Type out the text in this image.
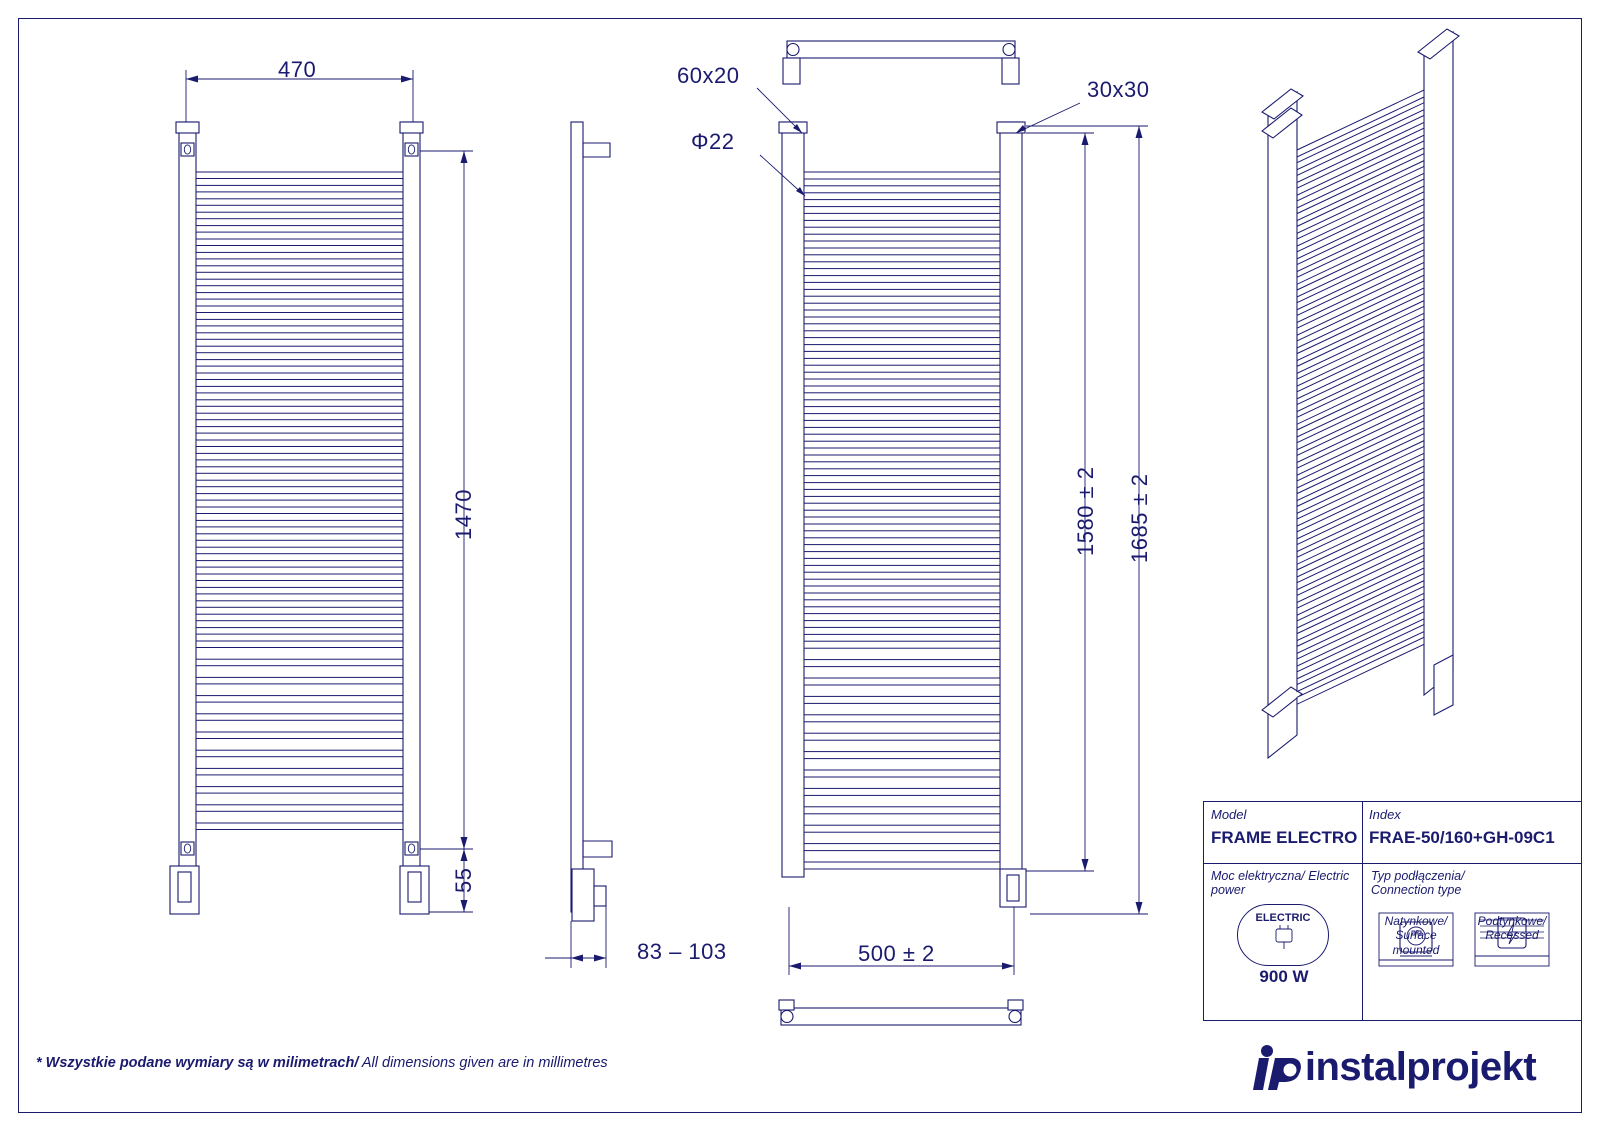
470
1470
55
83 – 103
60x20
Φ22
30x30
1580 ± 2 1685 ± 2
500 ± 2
Model
FRAME ELECTRO
Index
FRAE-50/160+GH-09C1
Moc elektryczna/ Electric power
ELECTRIC
900 W
Typ podłączenia/
Connection type
Natynkowe/
Surface mounted
Podtynkowe/
Recessed
instalprojekt
* Wszystkie podane wymiary są w milimetrach/ All dimensions given are in millimetres
